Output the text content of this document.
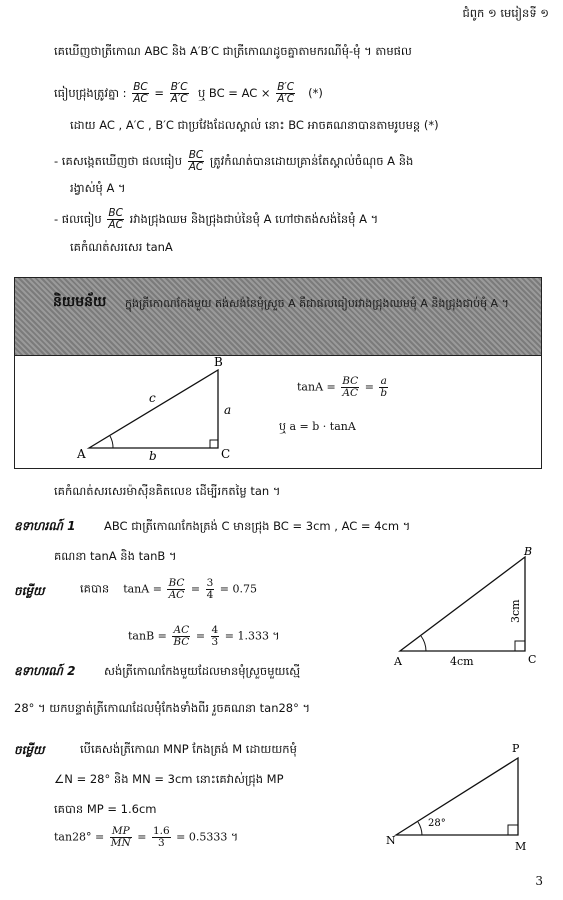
ជំពូក ១ មេរៀនទី ១
គេឃើញថាត្រីកោណ ABC និង A′B′C ជាត្រីកោណដូចគ្នាតាមករណីមុំ-មុំ ។ តាមផល
ធៀបជ្រុងត្រូវគ្នា : $\frac{BC}{AC} = \frac{B'C}{A'C}$ ឬ BC = AC × $\frac{B'C}{A'C}$ (*)
ដោយ AC , A′C , B′C ជាប្រវែងដែលស្គាល់ នោះ BC អាចគណនាបានតាមរូបមន្ត (*)
- គេសង្កេតឃើញថា ផលធៀប $\frac{BC}{AC}$ ត្រូវកំណត់បានដោយគ្រាន់តែស្គាល់ចំណុច A និង
រង្វាស់មុំ A ។
- ផលធៀប $\frac{BC}{AC}$ រវាងជ្រុងឈម និងជ្រុងជាប់នៃមុំ A ហៅថាតង់សង់នៃមុំ A ។
គេកំណត់សរសេរ tanA
និយមន័យ ក្នុងត្រីកោណកែងមួយ តង់សង់នៃមុំស្រួច A គឺជាផលធៀបរវាងជ្រុងឈមមុំ A និងជ្រុងជាប់មុំ A ។
A
B
C
a
b
c
$\tan A = \frac{BC}{AC} = \frac{a}{b}$
ឬ a = b · tanA
គេកំណត់សរសេរម៉ាស៊ីនគិតលេខ ដើម្បីរកតម្លៃ tan ។
ឧទាហរណ៍ 1 ABC ជាត្រីកោណកែងត្រង់ C មានជ្រុង BC = 3cm , AC = 4cm ។
គណនា tanA និង tanB ។
ចម្លើយ	គេបាន $\tan A = \frac{BC}{AC} = \frac{3}{4} = 0.75$
$\tan B = \frac{AC}{BC} = \frac{4}{3} = 1.333$ ។
A
B
C
4cm
3cm
ឧទាហរណ៍ 2 សង់ត្រីកោណកែងមួយដែលមានមុំស្រួចមួយស្មើ
28° ។ យកបន្ទាត់ត្រីកោណដែលមុំកែងទាំងពីរ រួចគណនា tan28° ។
ចម្លើយ	បើគេសង់ត្រីកោណ MNP កែងត្រង់ M ដោយយកមុំ
∠N = 28° និង MN = 3cm នោះគេវាស់ជ្រុង MP
គេបាន MP = 1.6cm
$\tan 28^\circ = \frac{MP}{MN} = \frac{1.6}{3} = 0.5333$ ។	N	M
P
28°
3
